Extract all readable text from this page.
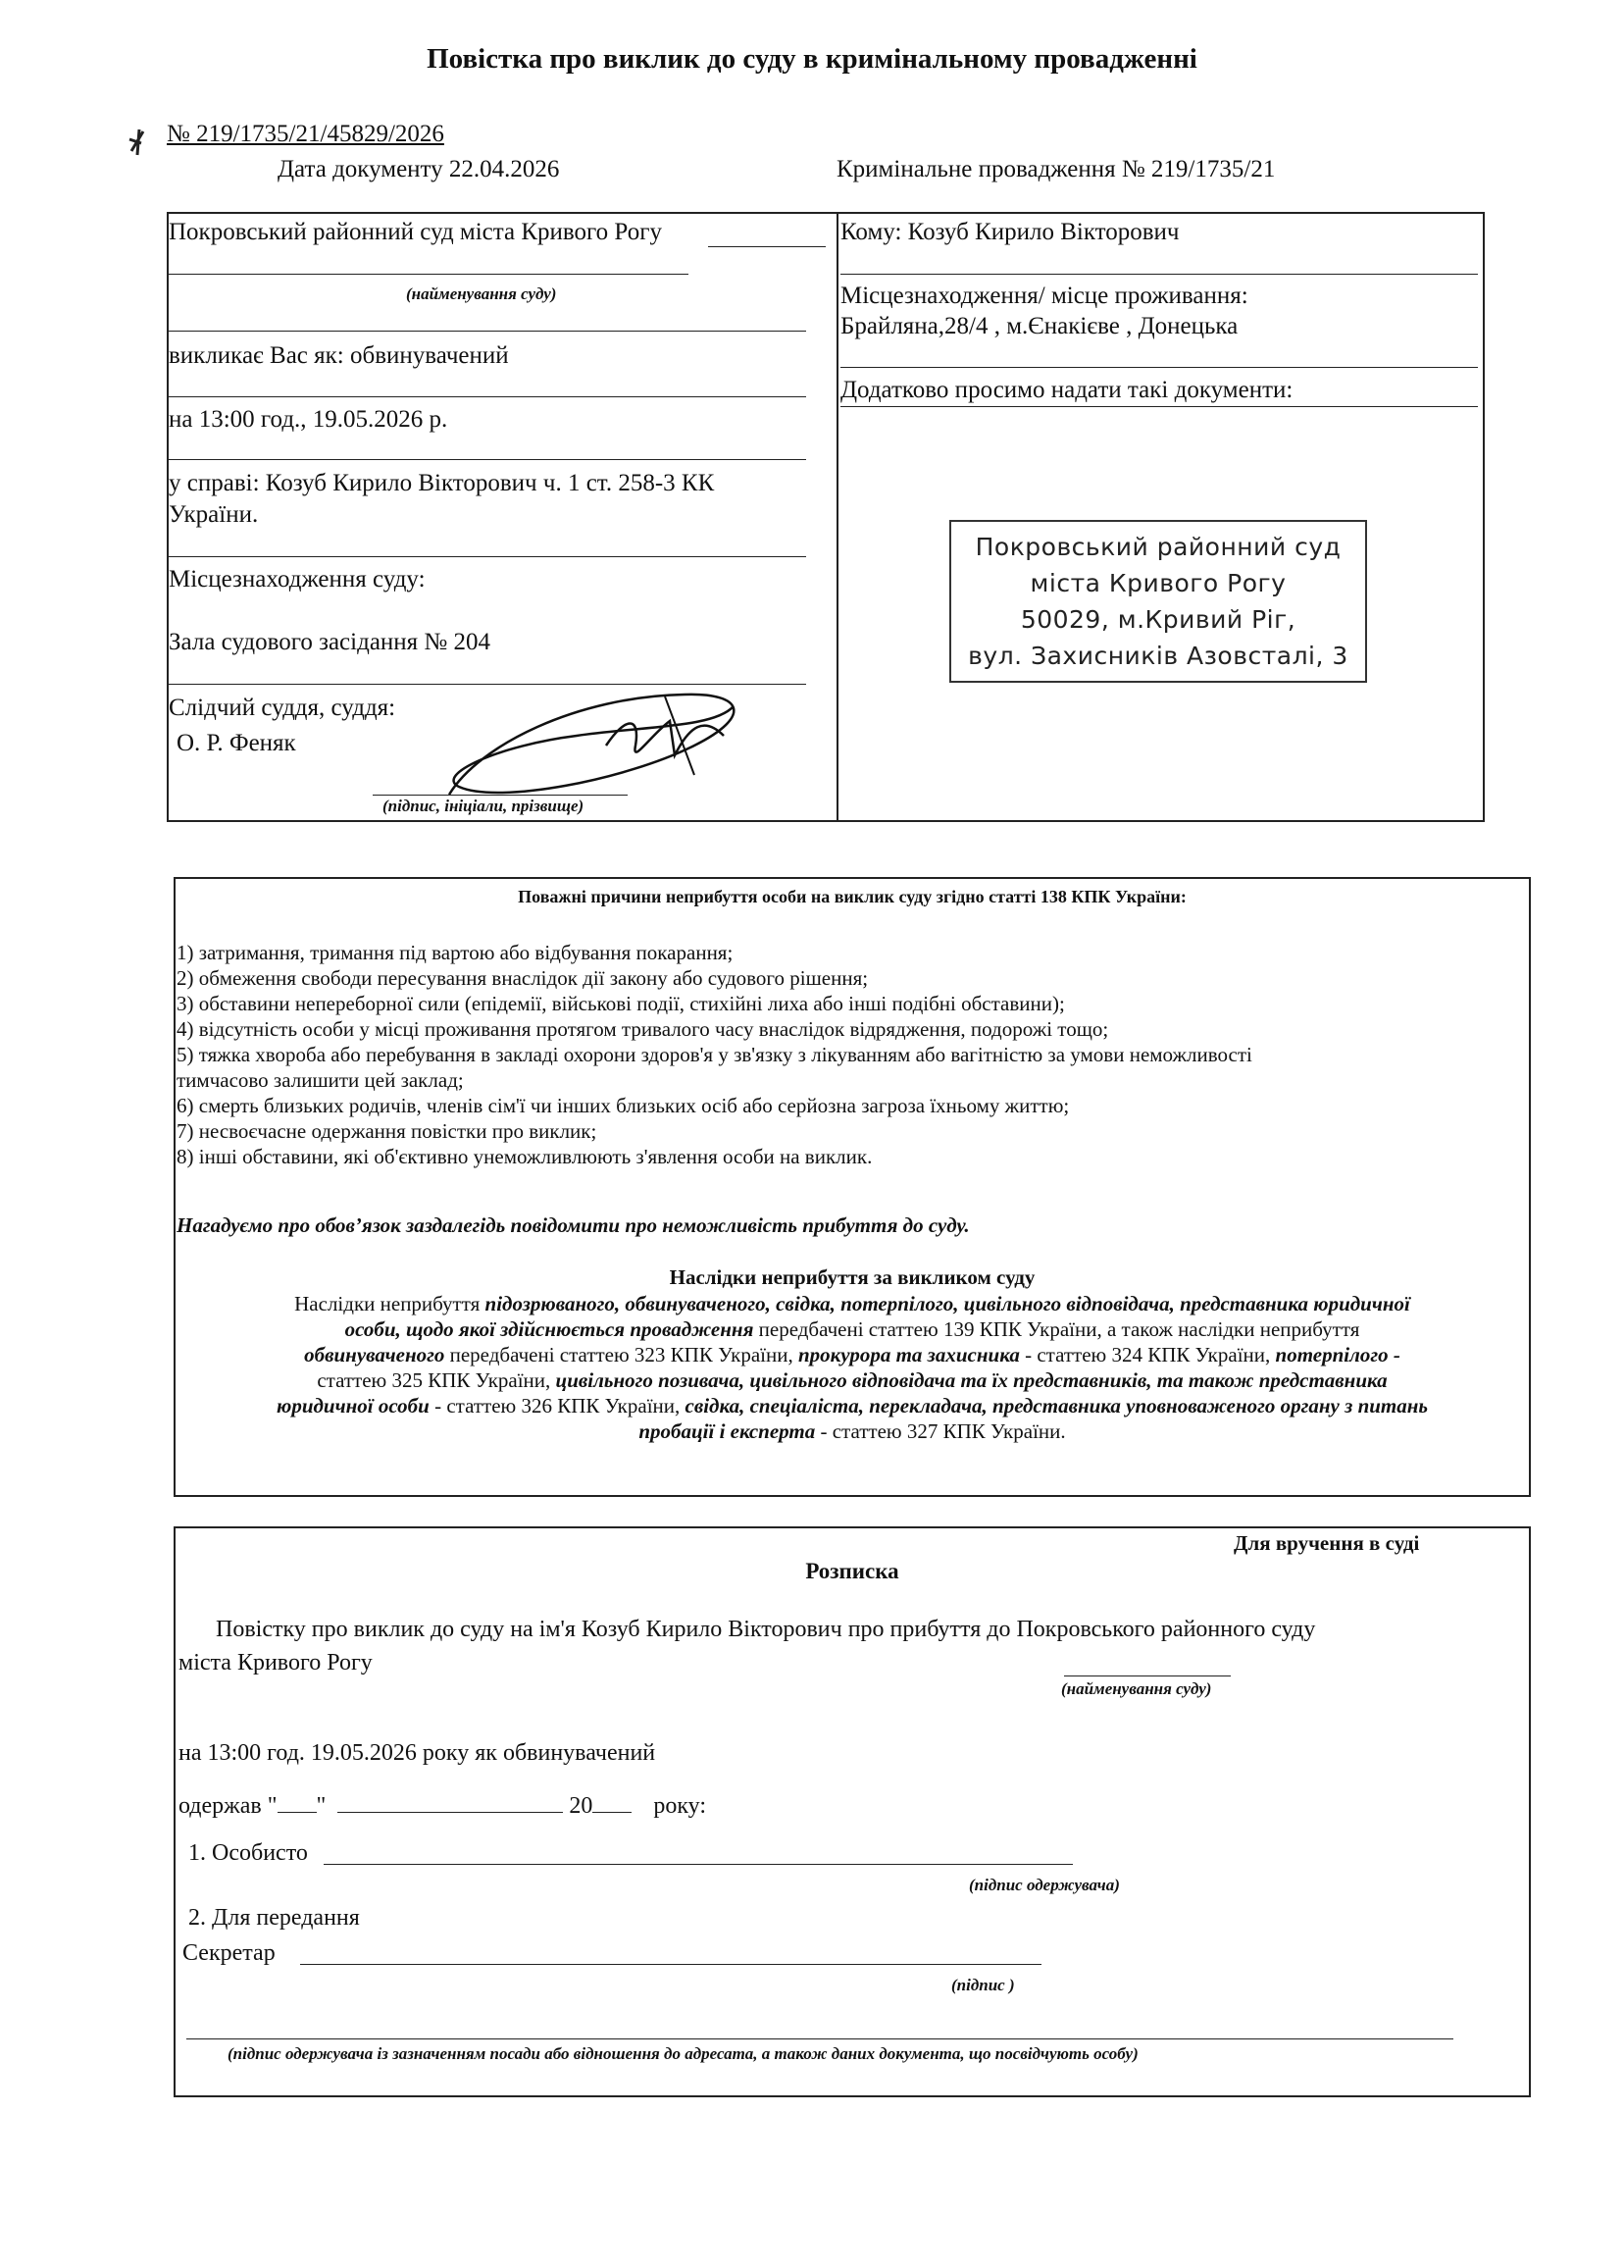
Повістка про виклик до суду в кримінальному провадженні
№ 219/1735/21/45829/2026
Дата документу 22.04.2026	Кримінальне провадження № 219/1735/21
Покровський районний суд міста Кривого Рогу
(найменування суду)
викликає Вас як: обвинувачений
на 13:00 год., 19.05.2026 р.
у справі: Козуб Кирило Вікторович ч. 1 ст. 258-3 КК
України.
Місцезнаходження суду:
Зала судового засідання № 204
Слідчий суддя, суддя:
О. Р. Феняк
(підпис, ініціали, прізвище)
Кому: Козуб Кирило Вікторович
Місцезнаходження/ місце проживання:
Брайляна,28/4 , м.Єнакієве , Донецька
Додатково просимо надати такі документи:
Покровський районний суд
міста Кривого Рогу
50029, м.Кривий Ріг,
вул. Захисників Азовсталі, 3
Поважні причини неприбуття особи на виклик суду згідно статті 138 КПК України:
1) затримання, тримання під вартою або відбування покарання;
2) обмеження свободи пересування внаслідок дії закону або судового рішення;
3) обставини непереборної сили (епідемії, військові події, стихійні лиха або інші подібні обставини);
4) відсутність особи у місці проживання протягом тривалого часу внаслідок відрядження, подорожі тощо;
5) тяжка хвороба або перебування в закладі охорони здоров'я у зв'язку з лікуванням або вагітністю за умови неможливості
тимчасово залишити цей заклад;
6) смерть близьких родичів, членів сім'ї чи інших близьких осіб або серйозна загроза їхньому життю;
7) несвоєчасне одержання повістки про виклик;
8) інші обставини, які об'єктивно унеможливлюють з'явлення особи на виклик.
Нагадуємо про обов’язок заздалегідь повідомити про неможливість прибуття до суду.
Наслідки неприбуття за викликом суду
Наслідки неприбуття підозрюваного, обвинуваченого, свідка, потерпілого, цивільного відповідача, представника юридичної
особи, щодо якої здійснюється провадження передбачені статтею 139 КПК України, а також наслідки неприбуття
обвинуваченого передбачені статтею 323 КПК України, прокурора та захисника - статтею 324 КПК України, потерпілого -
статтею 325 КПК України, цивільного позивача, цивільного відповідача та їх представників, та також представника
юридичної особи - статтею 326 КПК України, свідка, спеціаліста, перекладача, представника уповноваженого органу з питань
пробації і експерта - статтею 327 КПК України.
Для вручення в суді
Розписка
Повістку про виклик до суду на ім'я Козуб Кирило Вікторович про прибуття до Покровського районного суду
міста Кривого Рогу
(найменування суду)
на 13:00 год. 19.05.2026 року як обвинувачений
одержав " "	20	року:
1. Особисто
(підпис одержувача)
2. Для передання
Секретар
(підпис )
(підпис одержувача із зазначенням посади або відношення до адресата, а також даних документа, що посвідчують особу)
